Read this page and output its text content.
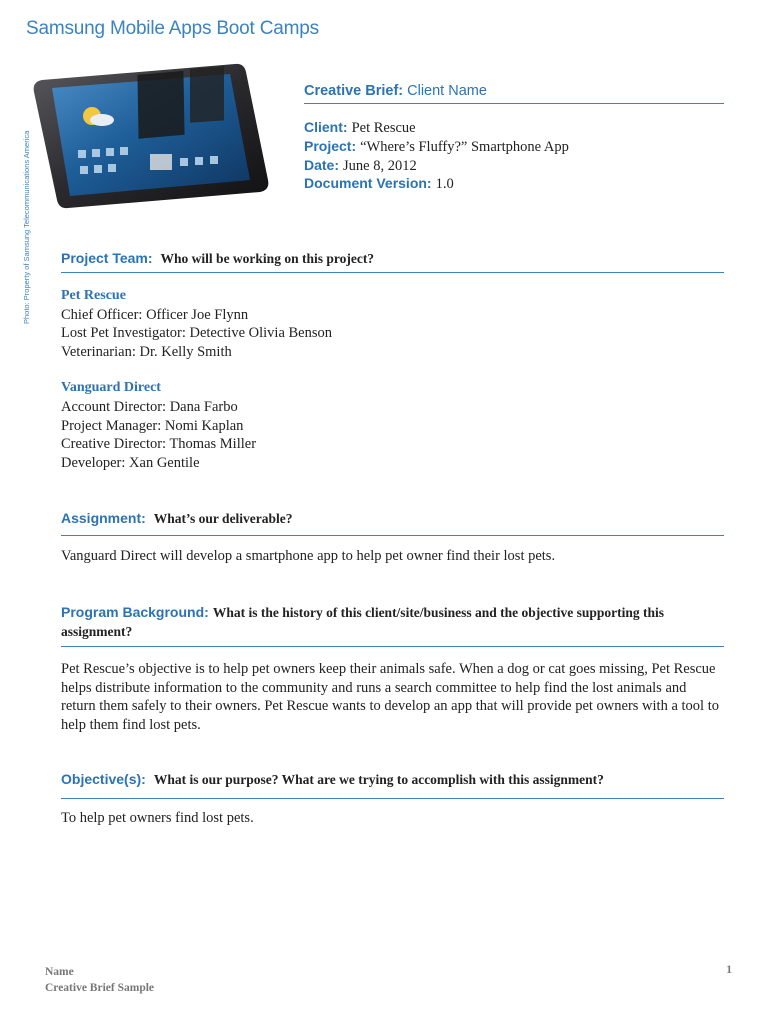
Samsung Mobile Apps Boot Camps
Photo: Property of Samsung Telecommunications America
Creative Brief: Client Name
Client: Pet Rescue
Project: “Where’s Fluffy?” Smartphone App
Date: June 8, 2012
Document Version: 1.0
Project Team: Who will be working on this project?
Pet Rescue
Chief Officer: Officer Joe Flynn
Lost Pet Investigator: Detective Olivia Benson
Veterinarian: Dr. Kelly Smith
Vanguard Direct
Account Director: Dana Farbo
Project Manager: Nomi Kaplan
Creative Director: Thomas Miller
Developer: Xan Gentile
Assignment: What’s our deliverable?
Vanguard Direct will develop a smartphone app to help pet owner find their lost pets.
Program Background: What is the history of this client/site/business and the objective supporting this assignment?
Pet Rescue’s objective is to help pet owners keep their animals safe. When a dog or cat goes missing, Pet Rescue helps distribute information to the community and runs a search committee to help find the lost animals and return them safely to their owners. Pet Rescue wants to develop an app that will provide pet owners with a tool to help them find lost pets.
Objective(s): What is our purpose? What are we trying to accomplish with this assignment?
To help pet owners find lost pets.
Name
Creative Brief Sample
1
